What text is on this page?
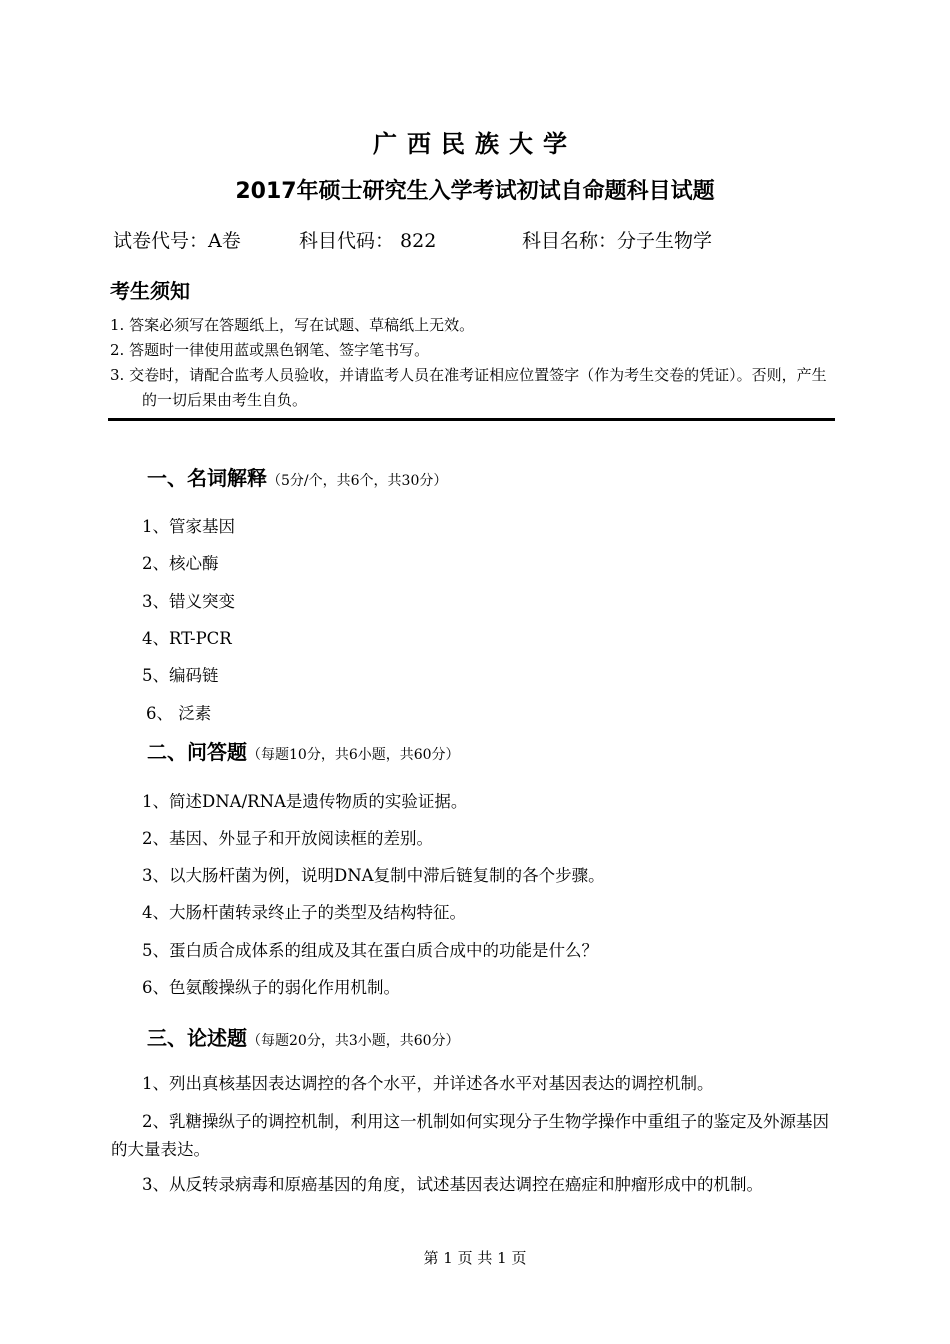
广西民族大学
2017年硕士研究生入学考试初试自命题科目试题
试卷代号：A卷	科目代码： 822	科目名称：分子生物学
考生须知
1. 答案必须写在答题纸上，写在试题、草稿纸上无效。
2. 答题时一律使用蓝或黑色钢笔、签字笔书写。
3. 交卷时，请配合监考人员验收，并请监考人员在准考证相应位置签字（作为考生交卷的凭证）。否则，产生的一切后果由考生自负。
一、名词解释（5分/个，共6个，共30分）
1、管家基因
2、核心酶
3、错义突变
4、RT-PCR
5、编码链
6、 泛素
二、问答题（每题10分，共6小题，共60分）
1、简述DNA/RNA是遗传物质的实验证据。
2、基因、外显子和开放阅读框的差别。
3、以大肠杆菌为例，说明DNA复制中滞后链复制的各个步骤。
4、大肠杆菌转录终止子的类型及结构特征。
5、蛋白质合成体系的组成及其在蛋白质合成中的功能是什么？
6、色氨酸操纵子的弱化作用机制。
三、论述题（每题20分，共3小题，共60分）
1、列出真核基因表达调控的各个水平，并详述各水平对基因表达的调控机制。
2、乳糖操纵子的调控机制，利用这一机制如何实现分子生物学操作中重组子的鉴定及外源基因的大量表达。
3、从反转录病毒和原癌基因的角度，试述基因表达调控在癌症和肿瘤形成中的机制。
第 1 页 共 1 页
